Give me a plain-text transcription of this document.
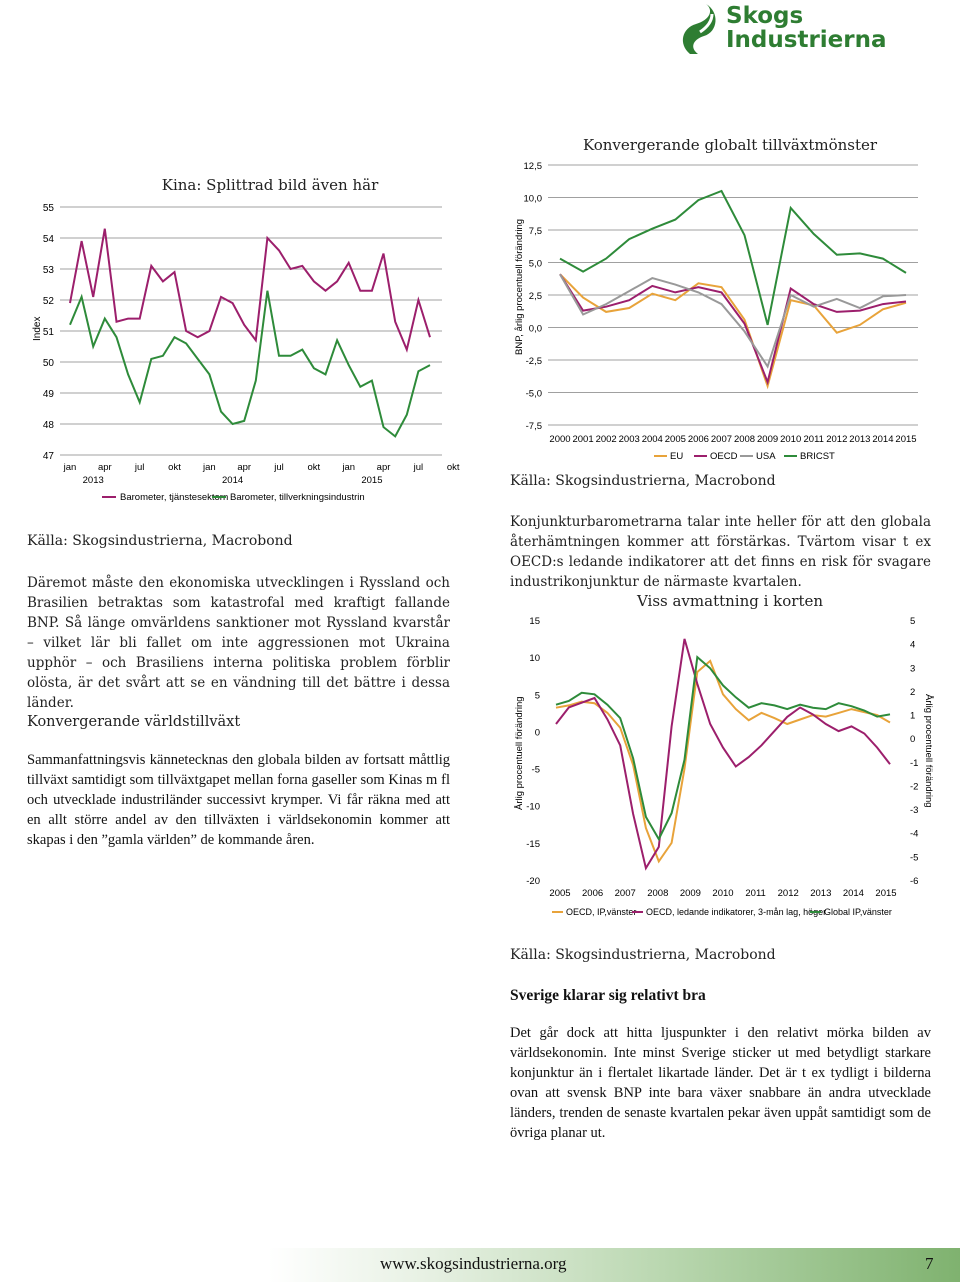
Skogs
Industrierna
Kina: Splittrad bild även här
55
54
53
52
51
50
49
48
47
Index
jan apr jul okt jan apr jul okt jan apr jul okt
2013	2014	2015
Barometer, tjänstesektorn Barometer, tillverkningsindustrin
Konvergerande globalt tillväxtmönster
12,5
10,0
7,5
5,0
2,5
0,0
-2,5
-5,0
-7,5
BNP, årlig procentuell förändring
2000 2001 2002 2003 2004 2005 2006 2007 2008 2009 2010 2011 2012 2013 2014 2015
EU	OECD USA	BRICST
Viss avmattning i korten
15
10
5
0
-5
-10
-15
-20
5
4
3
2
1
0
-1
-2
-3
-4
-5
-6
Årlig procentuell förändring	Årlig procentuell förändring
2005 2006 2007 2008 2009 2010 2011 2012 2013 2014 2015
OECD, IP,vänster OECD, ledande indikatorer, 3-mån lag, höger
Global IP,vänster
Källa: Skogsindustrierna, Macrobond
Däremot måste den ekonomiska utvecklingen i Ryssland och Brasilien betraktas som katastrofal med kraftigt fallande BNP. Så länge omvärldens sanktioner mot Ryssland kvarstår – vilket lär bli fallet om inte aggressionen mot Ukraina upphör – och Brasiliens interna politiska problem förblir olösta, är det svårt att se en vändning till det bättre i dessa länder.
Konvergerande världstillväxt
Sammanfattningsvis kännetecknas den globala bilden av fortsatt måttlig tillväxt samtidigt som tillväxtgapet mellan forna gaseller som Kinas m fl och utvecklade industriländer successivt krymper. Vi får räkna med att en allt större andel av den tillväxten i världsekonomin kommer att skapas i den ”gamla världen” de kommande åren.
Källa: Skogsindustrierna, Macrobond
Konjunkturbarometrarna talar inte heller för att den globala återhämtningen kommer att förstärkas. Tvärtom visar t ex OECD:s ledande indikatorer att det finns en risk för svagare industrikonjunktur de närmaste kvartalen.
Källa: Skogsindustrierna, Macrobond
Sverige klarar sig relativt bra
Det går dock att hitta ljuspunkter i den relativt mörka bilden av världsekonomin. Inte minst Sverige sticker ut med betydligt starkare konjunktur än i flertalet likartade länder. Det är t ex tydligt i bilderna ovan att svensk BNP inte bara växer snabbare än andra utvecklade länders, trenden de senaste kvartalen pekar även uppåt samtidigt som de övriga planar ut.
www.skogsindustrierna.org	7
